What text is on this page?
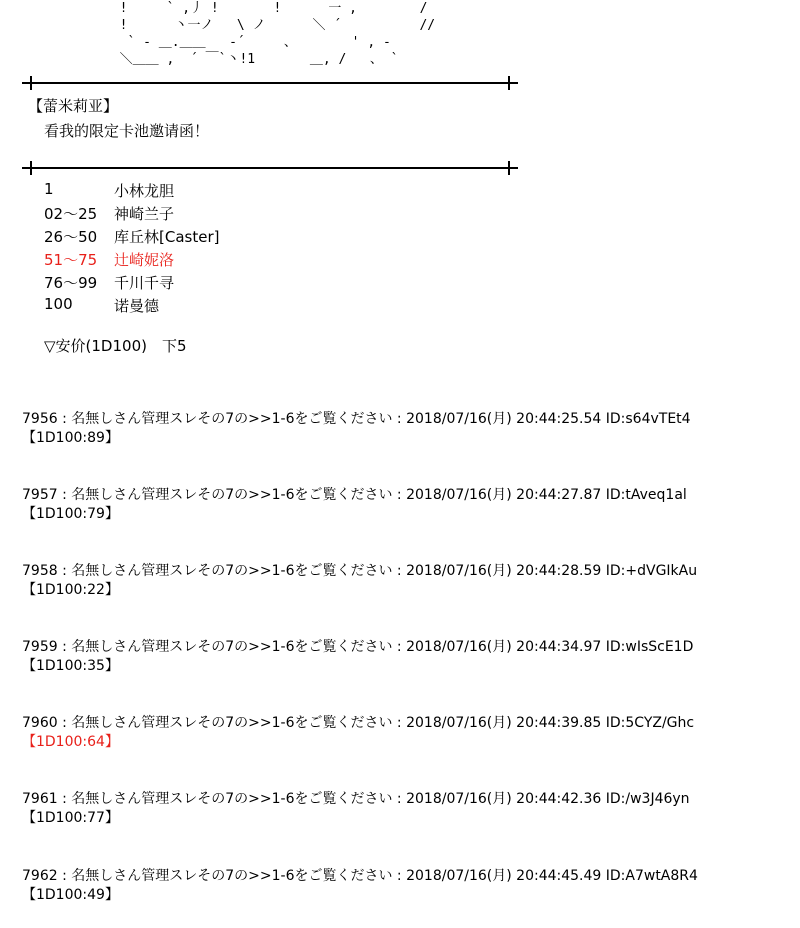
!     ` ,丿 !       !      一 ,        /
!      丶一ノ   \ ノ      ＼ ´          //
` ‐ ＿.＿＿   ‐´     、       ' , -
＼＿＿ ,  ´ ￣`丶!1       ＿, /   、 `
【蕾米莉亚】
看我的限定卡池邀请函！
1	小林龙胆
02〜25	神崎兰子
26〜50	库丘林[Caster]
51〜75	辻崎妮洛
76〜99	千川千寻
100	诺曼德
▽安价(1D100)　下5
7956 : 名無しさん管理スレその7の>>1-6をご覧ください : 2018/07/16(月) 20:44:25.54 ID:s64vTEt4
【1D100:89】
7957 : 名無しさん管理スレその7の>>1-6をご覧ください : 2018/07/16(月) 20:44:27.87 ID:tAveq1al
【1D100:79】
7958 : 名無しさん管理スレその7の>>1-6をご覧ください : 2018/07/16(月) 20:44:28.59 ID:+dVGIkAu
【1D100:22】
7959 : 名無しさん管理スレその7の>>1-6をご覧ください : 2018/07/16(月) 20:44:34.97 ID:wIsScE1D
【1D100:35】
7960 : 名無しさん管理スレその7の>>1-6をご覧ください : 2018/07/16(月) 20:44:39.85 ID:5CYZ/Ghc
【1D100:64】
7961 : 名無しさん管理スレその7の>>1-6をご覧ください : 2018/07/16(月) 20:44:42.36 ID:/w3J46yn
【1D100:77】
7962 : 名無しさん管理スレその7の>>1-6をご覧ください : 2018/07/16(月) 20:44:45.49 ID:A7wtA8R4
【1D100:49】
